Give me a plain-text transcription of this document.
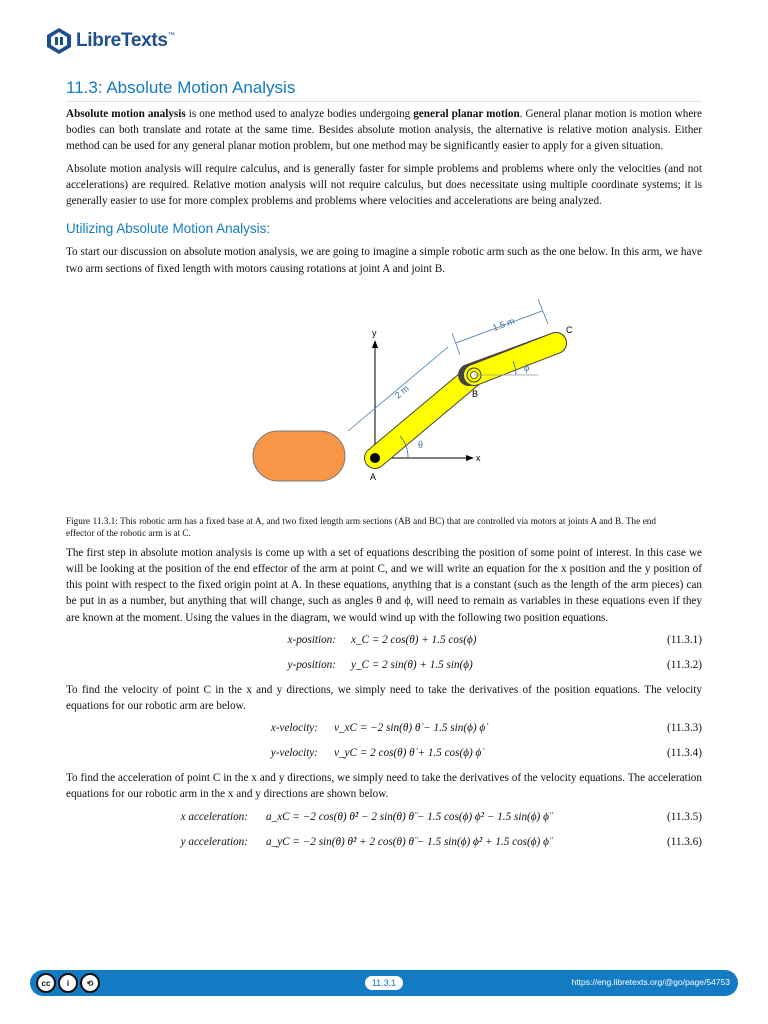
LibreTexts™
11.3: Absolute Motion Analysis

Absolute motion analysis is one method used to analyze bodies undergoing general planar motion. General planar motion is motion where bodies can both translate and rotate at the same time. Besides absolute motion analysis, the alternative is relative motion analysis. Either method can be used for any general planar motion problem, but one method may be significantly easier to apply for a given situation.

Absolute motion analysis will require calculus, and is generally faster for simple problems and problems where only the velocities (and not accelerations) are required. Relative motion analysis will not require calculus, but does necessitate using multiple coordinate systems; it is generally easier to use for more complex problems and problems where velocities and accelerations are being analyzed.

Utilizing Absolute Motion Analysis:

To start our discussion on absolute motion analysis, we are going to imagine a simple robotic arm such as the one below. In this arm, we have two arm sections of fixed length with motors causing rotations at joint A and joint B.

y
x
A
B
C
2 m
1.5 m
θ
ϕ

Figure 11.3.1: This robotic arm has a fixed base at A, and two fixed length arm sections (AB and BC) that are controlled via motors at joints A and B. The end effector of the robotic arm is at C.

The first step in absolute motion analysis is come up with a set of equations describing the position of some point of interest. In this case we will be looking at the position of the end effector of the arm at point C, and we will write an equation for the x position and the y position of this point with respect to the fixed origin point at A. In these equations, anything that is a constant (such as the length of the arm pieces) can be put in as a number, but anything that will change, such as angles θ and ϕ, will need to remain as variables in these equations even if they are known at the moment. Using the values in the diagram, we would wind up with the following two position equations.

x-position: x_C = 2 cos(θ) + 1.5 cos(ϕ)	(11.3.1)
y-position: y_C = 2 sin(θ) + 1.5 sin(ϕ)	(11.3.2)

To find the velocity of point C in the x and y directions, we simply need to take the derivatives of the position equations. The velocity equations for our robotic arm are below.

x-velocity: v_xC = −2 sin(θ) θ̇ − 1.5 sin(ϕ) ϕ̇	(11.3.3)
y-velocity: v_yC = 2 cos(θ) θ̇ + 1.5 cos(ϕ) ϕ̇	(11.3.4)

To find the acceleration of point C in the x and y directions, we simply need to take the derivatives of the velocity equations. The acceleration equations for our robotic arm in the x and y directions are shown below.

x acceleration: a_xC = −2 cos(θ) θ̇² − 2 sin(θ) θ̈ − 1.5 cos(ϕ) ϕ̇² − 1.5 sin(ϕ) ϕ̈	(11.3.5)
y acceleration: a_yC = −2 sin(θ) θ̇² + 2 cos(θ) θ̈ − 1.5 sin(ϕ) ϕ̇² + 1.5 cos(ϕ) ϕ̈	(11.3.6)
cc	i	⟲	11.3.1	https://eng.libretexts.org/@go/page/54753
